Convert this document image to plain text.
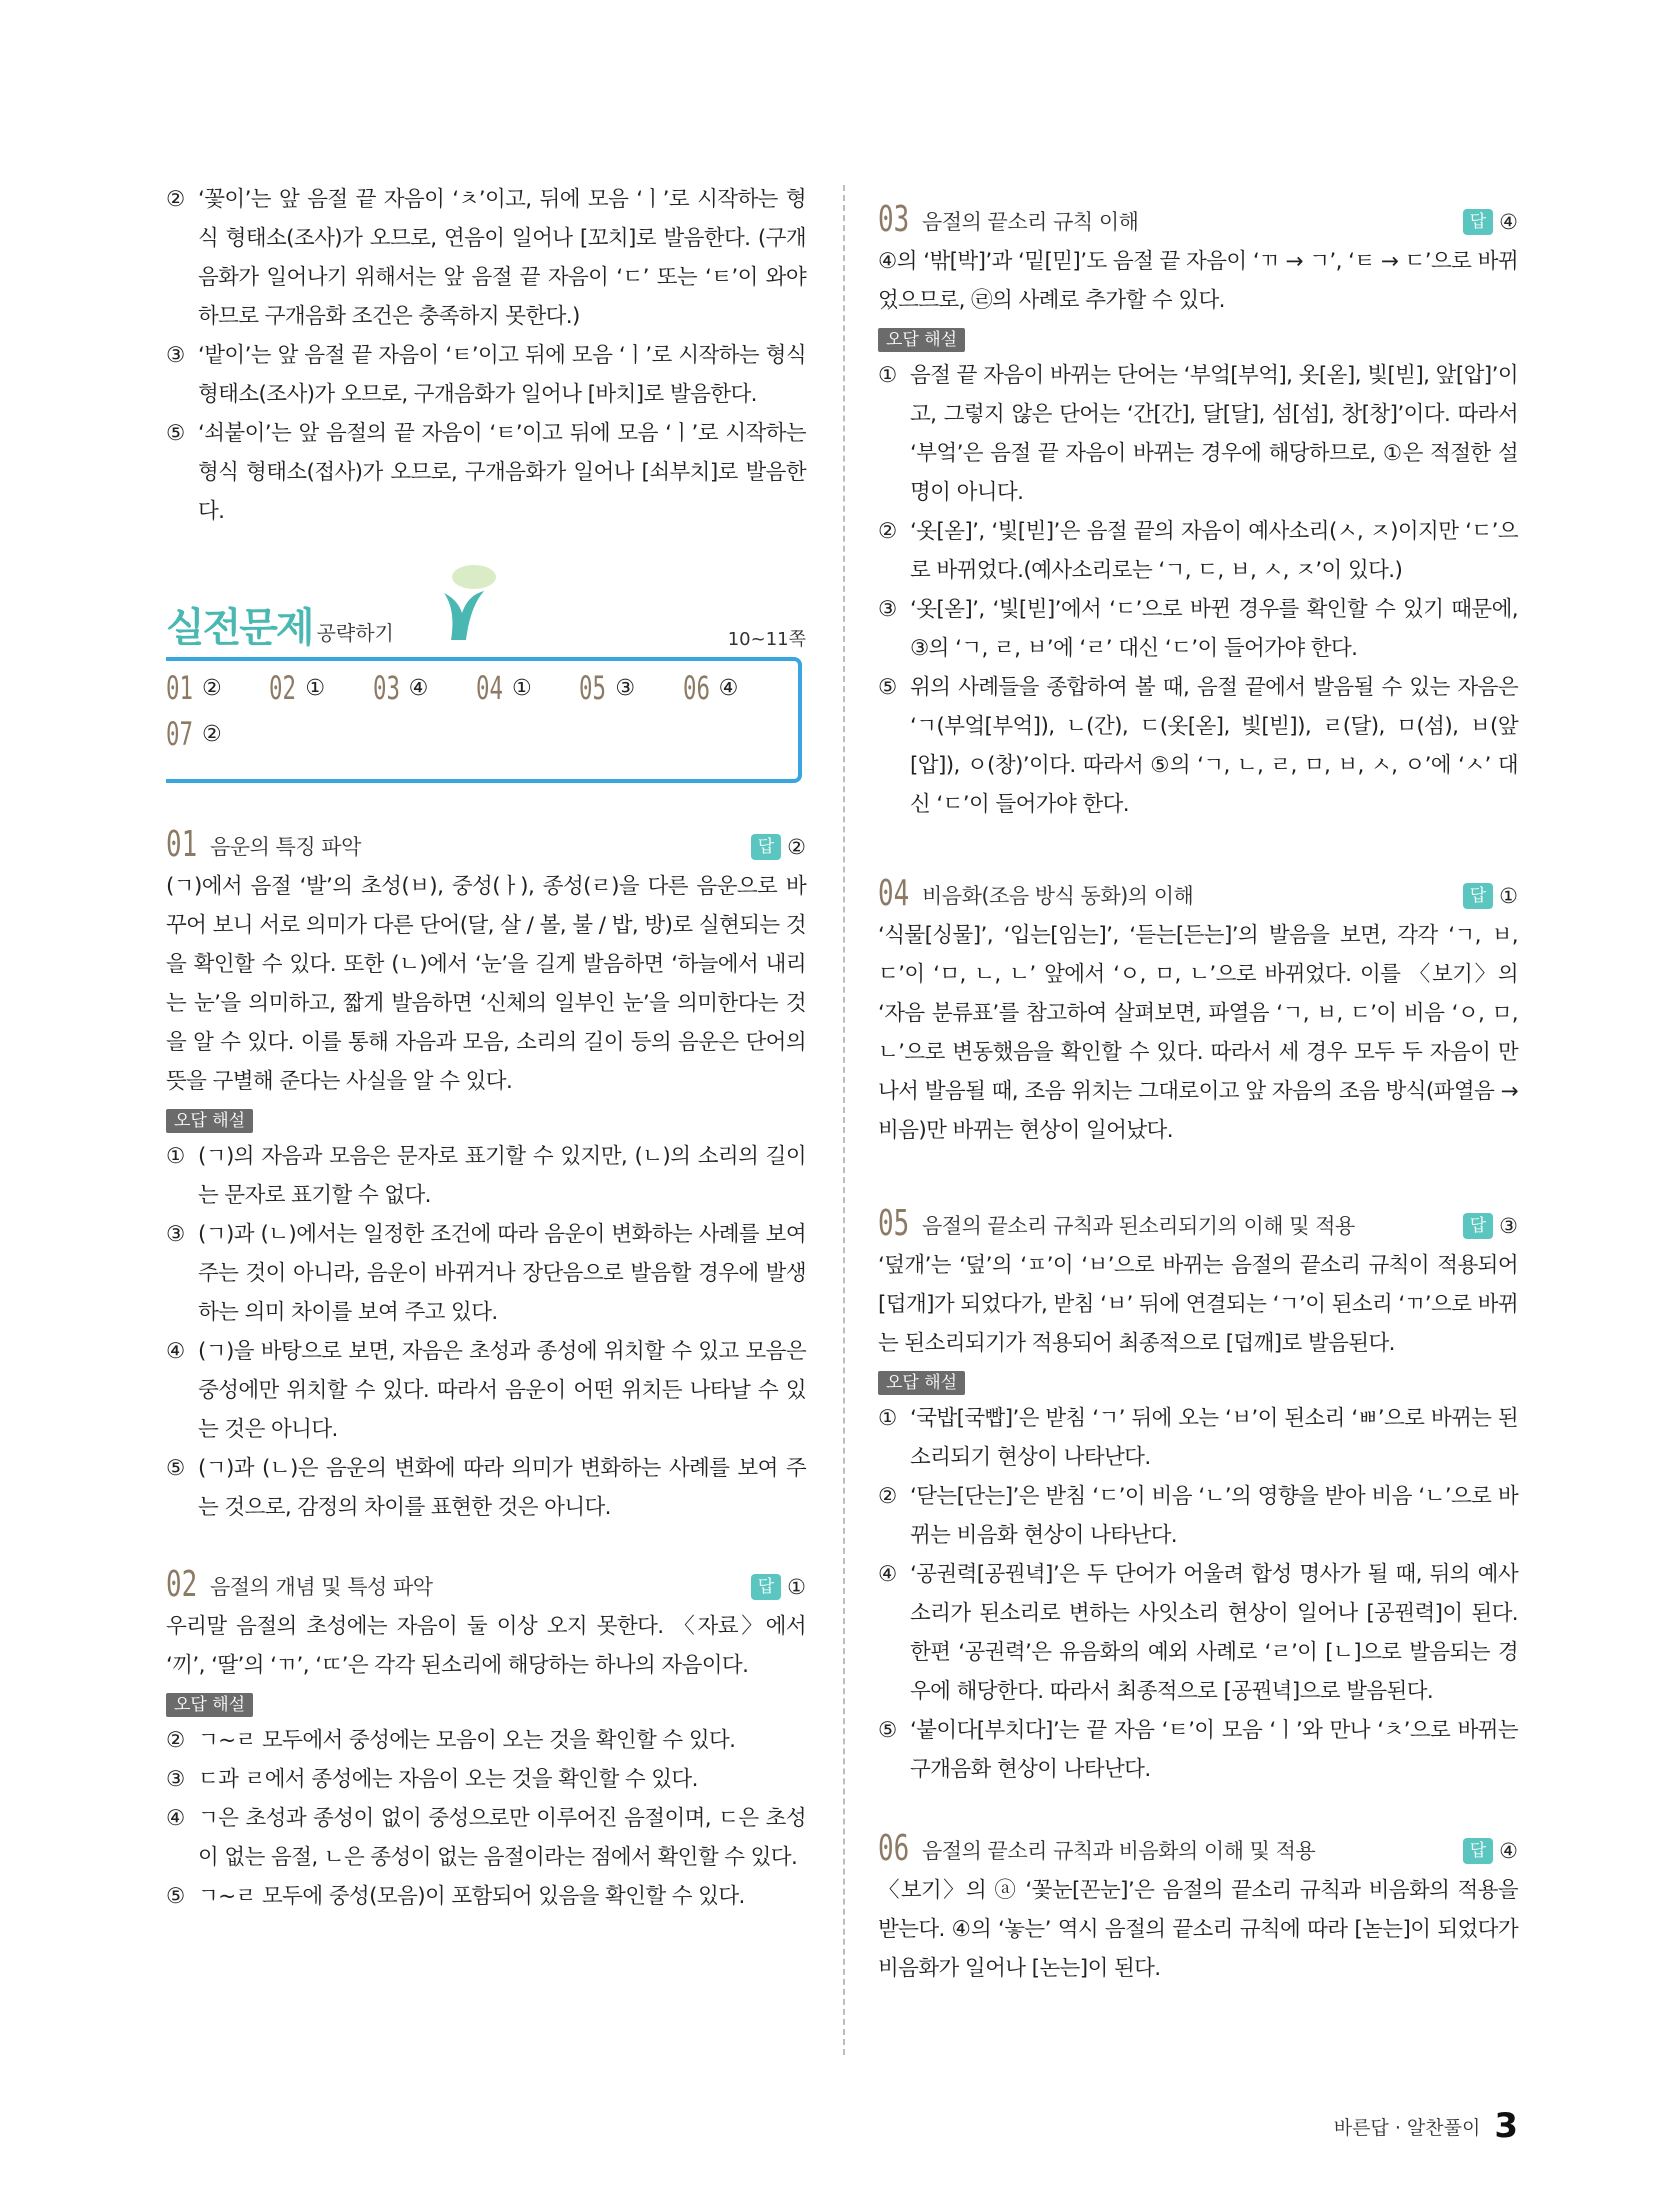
② ‘꽃이’는 앞 음절 끝 자음이 ‘ㅊ’이고, 뒤에 모음 ‘ㅣ’로 시작하는 형식 형태소(조사)가 오므로, 연음이 일어나 [꼬치]로 발음한다. (구개음화가 일어나기 위해서는 앞 음절 끝 자음이 ‘ㄷ’ 또는 ‘ㅌ’이 와야 하므로 구개음화 조건은 충족하지 못한다.)
③ ‘밭이’는 앞 음절 끝 자음이 ‘ㅌ’이고 뒤에 모음 ‘ㅣ’로 시작하는 형식 형태소(조사)가 오므로, 구개음화가 일어나 [바치]로 발음한다.
⑤ ‘쇠붙이’는 앞 음절의 끝 자음이 ‘ㅌ’이고 뒤에 모음 ‘ㅣ’로 시작하는 형식 형태소(접사)가 오므로, 구개음화가 일어나 [쇠부치]로 발음한다.
실전문제 공략하기	10~11쪽
01 ② 02 ① 03 ④ 04 ① 05 ③ 06 ④
07 ②
01 음운의 특징 파악	답 ②

(ㄱ)에서 음절 ‘발’의 초성(ㅂ), 중성(ㅏ), 종성(ㄹ)을 다른 음운으로 바꾸어 보니 서로 의미가 다른 단어(달, 살 / 볼, 불 / 밥, 방)로 실현되는 것을 확인할 수 있다. 또한 (ㄴ)에서 ‘눈’을 길게 발음하면 ‘하늘에서 내리는 눈’을 의미하고, 짧게 발음하면 ‘신체의 일부인 눈’을 의미한다는 것을 알 수 있다. 이를 통해 자음과 모음, 소리의 길이 등의 음운은 단어의 뜻을 구별해 준다는 사실을 알 수 있다.

오답 해설
① (ㄱ)의 자음과 모음은 문자로 표기할 수 있지만, (ㄴ)의 소리의 길이는 문자로 표기할 수 없다.
③ (ㄱ)과 (ㄴ)에서는 일정한 조건에 따라 음운이 변화하는 사례를 보여 주는 것이 아니라, 음운이 바뀌거나 장단음으로 발음할 경우에 발생하는 의미 차이를 보여 주고 있다.
④ (ㄱ)을 바탕으로 보면, 자음은 초성과 종성에 위치할 수 있고 모음은 중성에만 위치할 수 있다. 따라서 음운이 어떤 위치든 나타날 수 있는 것은 아니다.
⑤ (ㄱ)과 (ㄴ)은 음운의 변화에 따라 의미가 변화하는 사례를 보여 주는 것으로, 감정의 차이를 표현한 것은 아니다.
02 음절의 개념 및 특성 파악	답 ①

우리말 음절의 초성에는 자음이 둘 이상 오지 못한다. 〈자료〉에서 ‘끼’, ‘딸’의 ‘ㄲ’, ‘ㄸ’은 각각 된소리에 해당하는 하나의 자음이다.

오답 해설
② ㄱ~ㄹ 모두에서 중성에는 모음이 오는 것을 확인할 수 있다.
③ ㄷ과 ㄹ에서 종성에는 자음이 오는 것을 확인할 수 있다.
④ ㄱ은 초성과 종성이 없이 중성으로만 이루어진 음절이며, ㄷ은 초성이 없는 음절, ㄴ은 종성이 없는 음절이라는 점에서 확인할 수 있다.
⑤ ㄱ~ㄹ 모두에 중성(모음)이 포함되어 있음을 확인할 수 있다.
03 음절의 끝소리 규칙 이해	답 ④

④의 ‘밖[박]’과 ‘밑[믿]’도 음절 끝 자음이 ‘ㄲ → ㄱ’, ‘ㅌ → ㄷ’으로 바뀌었으므로, ㉣의 사례로 추가할 수 있다.

오답 해설
① 음절 끝 자음이 바뀌는 단어는 ‘부엌[부억], 옷[옫], 빛[빋], 앞[압]’이고, 그렇지 않은 단어는 ‘간[간], 달[달], 섬[섬], 창[창]’이다. 따라서 ‘부엌’은 음절 끝 자음이 바뀌는 경우에 해당하므로, ①은 적절한 설명이 아니다.
② ‘옷[옫]’, ‘빛[빋]’은 음절 끝의 자음이 예사소리(ㅅ, ㅈ)이지만 ‘ㄷ’으로 바뀌었다.(예사소리로는 ‘ㄱ, ㄷ, ㅂ, ㅅ, ㅈ’이 있다.)
③ ‘옷[옫]’, ‘빛[빋]’에서 ‘ㄷ’으로 바뀐 경우를 확인할 수 있기 때문에, ③의 ‘ㄱ, ㄹ, ㅂ’에 ‘ㄹ’ 대신 ‘ㄷ’이 들어가야 한다.
⑤ 위의 사례들을 종합하여 볼 때, 음절 끝에서 발음될 수 있는 자음은 ‘ㄱ(부엌[부억]), ㄴ(간), ㄷ(옷[옫], 빛[빋]), ㄹ(달), ㅁ(섬), ㅂ(앞[압]), ㅇ(창)’이다. 따라서 ⑤의 ‘ㄱ, ㄴ, ㄹ, ㅁ, ㅂ, ㅅ, ㅇ’에 ‘ㅅ’ 대신 ‘ㄷ’이 들어가야 한다.
04 비음화(조음 방식 동화)의 이해	답 ①

‘식물[싱물]’, ‘입는[임는]’, ‘듣는[든는]’의 발음을 보면, 각각 ‘ㄱ, ㅂ, ㄷ’이 ‘ㅁ, ㄴ, ㄴ’ 앞에서 ‘ㅇ, ㅁ, ㄴ’으로 바뀌었다. 이를 〈보기〉의 ‘자음 분류표’를 참고하여 살펴보면, 파열음 ‘ㄱ, ㅂ, ㄷ’이 비음 ‘ㅇ, ㅁ, ㄴ’으로 변동했음을 확인할 수 있다. 따라서 세 경우 모두 두 자음이 만나서 발음될 때, 조음 위치는 그대로이고 앞 자음의 조음 방식(파열음 → 비음)만 바뀌는 현상이 일어났다.

05 음절의 끝소리 규칙과 된소리되기의 이해 및 적용	답 ③

‘덮개’는 ‘덮’의 ‘ㅍ’이 ‘ㅂ’으로 바뀌는 음절의 끝소리 규칙이 적용되어 [덥개]가 되었다가, 받침 ‘ㅂ’ 뒤에 연결되는 ‘ㄱ’이 된소리 ‘ㄲ’으로 바뀌는 된소리되기가 적용되어 최종적으로 [덥깨]로 발음된다.

오답 해설
① ‘국밥[국빱]’은 받침 ‘ㄱ’ 뒤에 오는 ‘ㅂ’이 된소리 ‘ㅃ’으로 바뀌는 된소리되기 현상이 나타난다.
② ‘닫는[단는]’은 받침 ‘ㄷ’이 비음 ‘ㄴ’의 영향을 받아 비음 ‘ㄴ’으로 바뀌는 비음화 현상이 나타난다.
④ ‘공권력[공꿘녁]’은 두 단어가 어울려 합성 명사가 될 때, 뒤의 예사소리가 된소리로 변하는 사잇소리 현상이 일어나 [공꿘력]이 된다. 한편 ‘공권력’은 유음화의 예외 사례로 ‘ㄹ’이 [ㄴ]으로 발음되는 경우에 해당한다. 따라서 최종적으로 [공꿘녁]으로 발음된다.
⑤ ‘붙이다[부치다]’는 끝 자음 ‘ㅌ’이 모음 ‘ㅣ’와 만나 ‘ㅊ’으로 바뀌는 구개음화 현상이 나타난다.
06 음절의 끝소리 규칙과 비음화의 이해 및 적용	답 ④

〈보기〉의 ⓐ ‘꽃눈[꼰눈]’은 음절의 끝소리 규칙과 비음화의 적용을 받는다. ④의 ‘놓는’ 역시 음절의 끝소리 규칙에 따라 [녿는]이 되었다가 비음화가 일어나 [논는]이 된다.

바른답 · 알찬풀이 3
